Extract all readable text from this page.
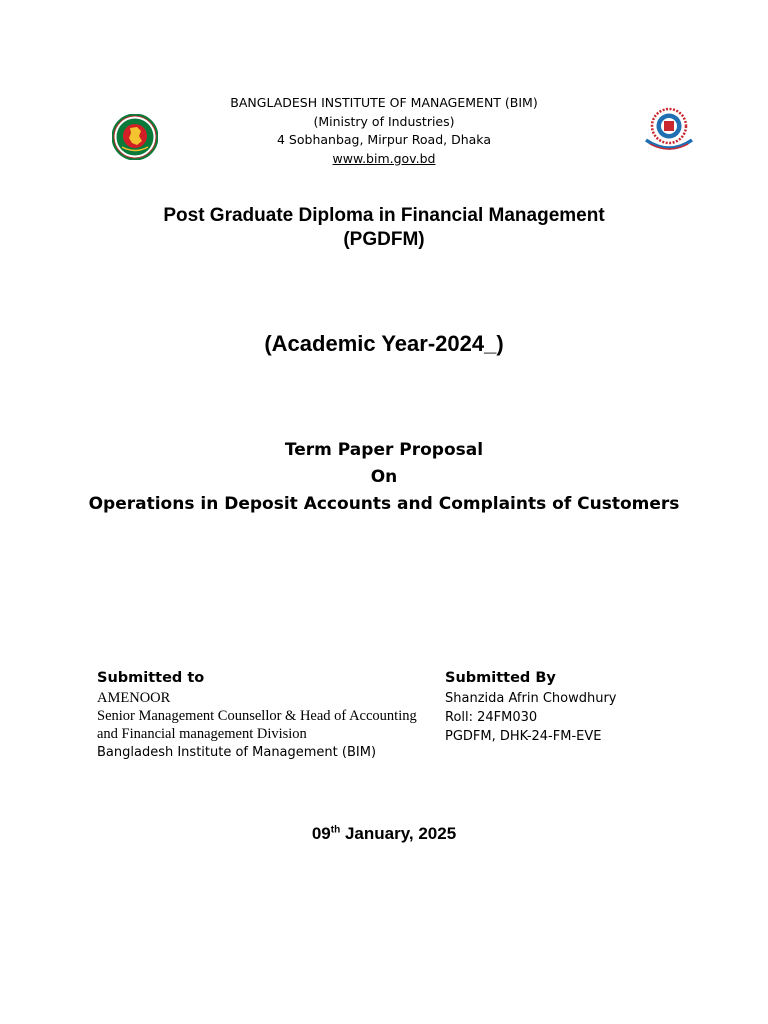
BANGLADESH INSTITUTE OF MANAGEMENT (BIM)
(Ministry of Industries)
4 Sobhanbag, Mirpur Road, Dhaka
www.bim.gov.bd
Post Graduate Diploma in Financial Management
(PGDFM)
(Academic Year-2024_)
Term Paper Proposal
On
Operations in Deposit Accounts and Complaints of Customers
Submitted to
AMENOOR
Senior Management Counsellor & Head of Accounting
and Financial management Division
Bangladesh Institute of Management (BIM)
Submitted By
Shanzida Afrin Chowdhury
Roll: 24FM030
PGDFM, DHK-24-FM-EVE
09th January, 2025
